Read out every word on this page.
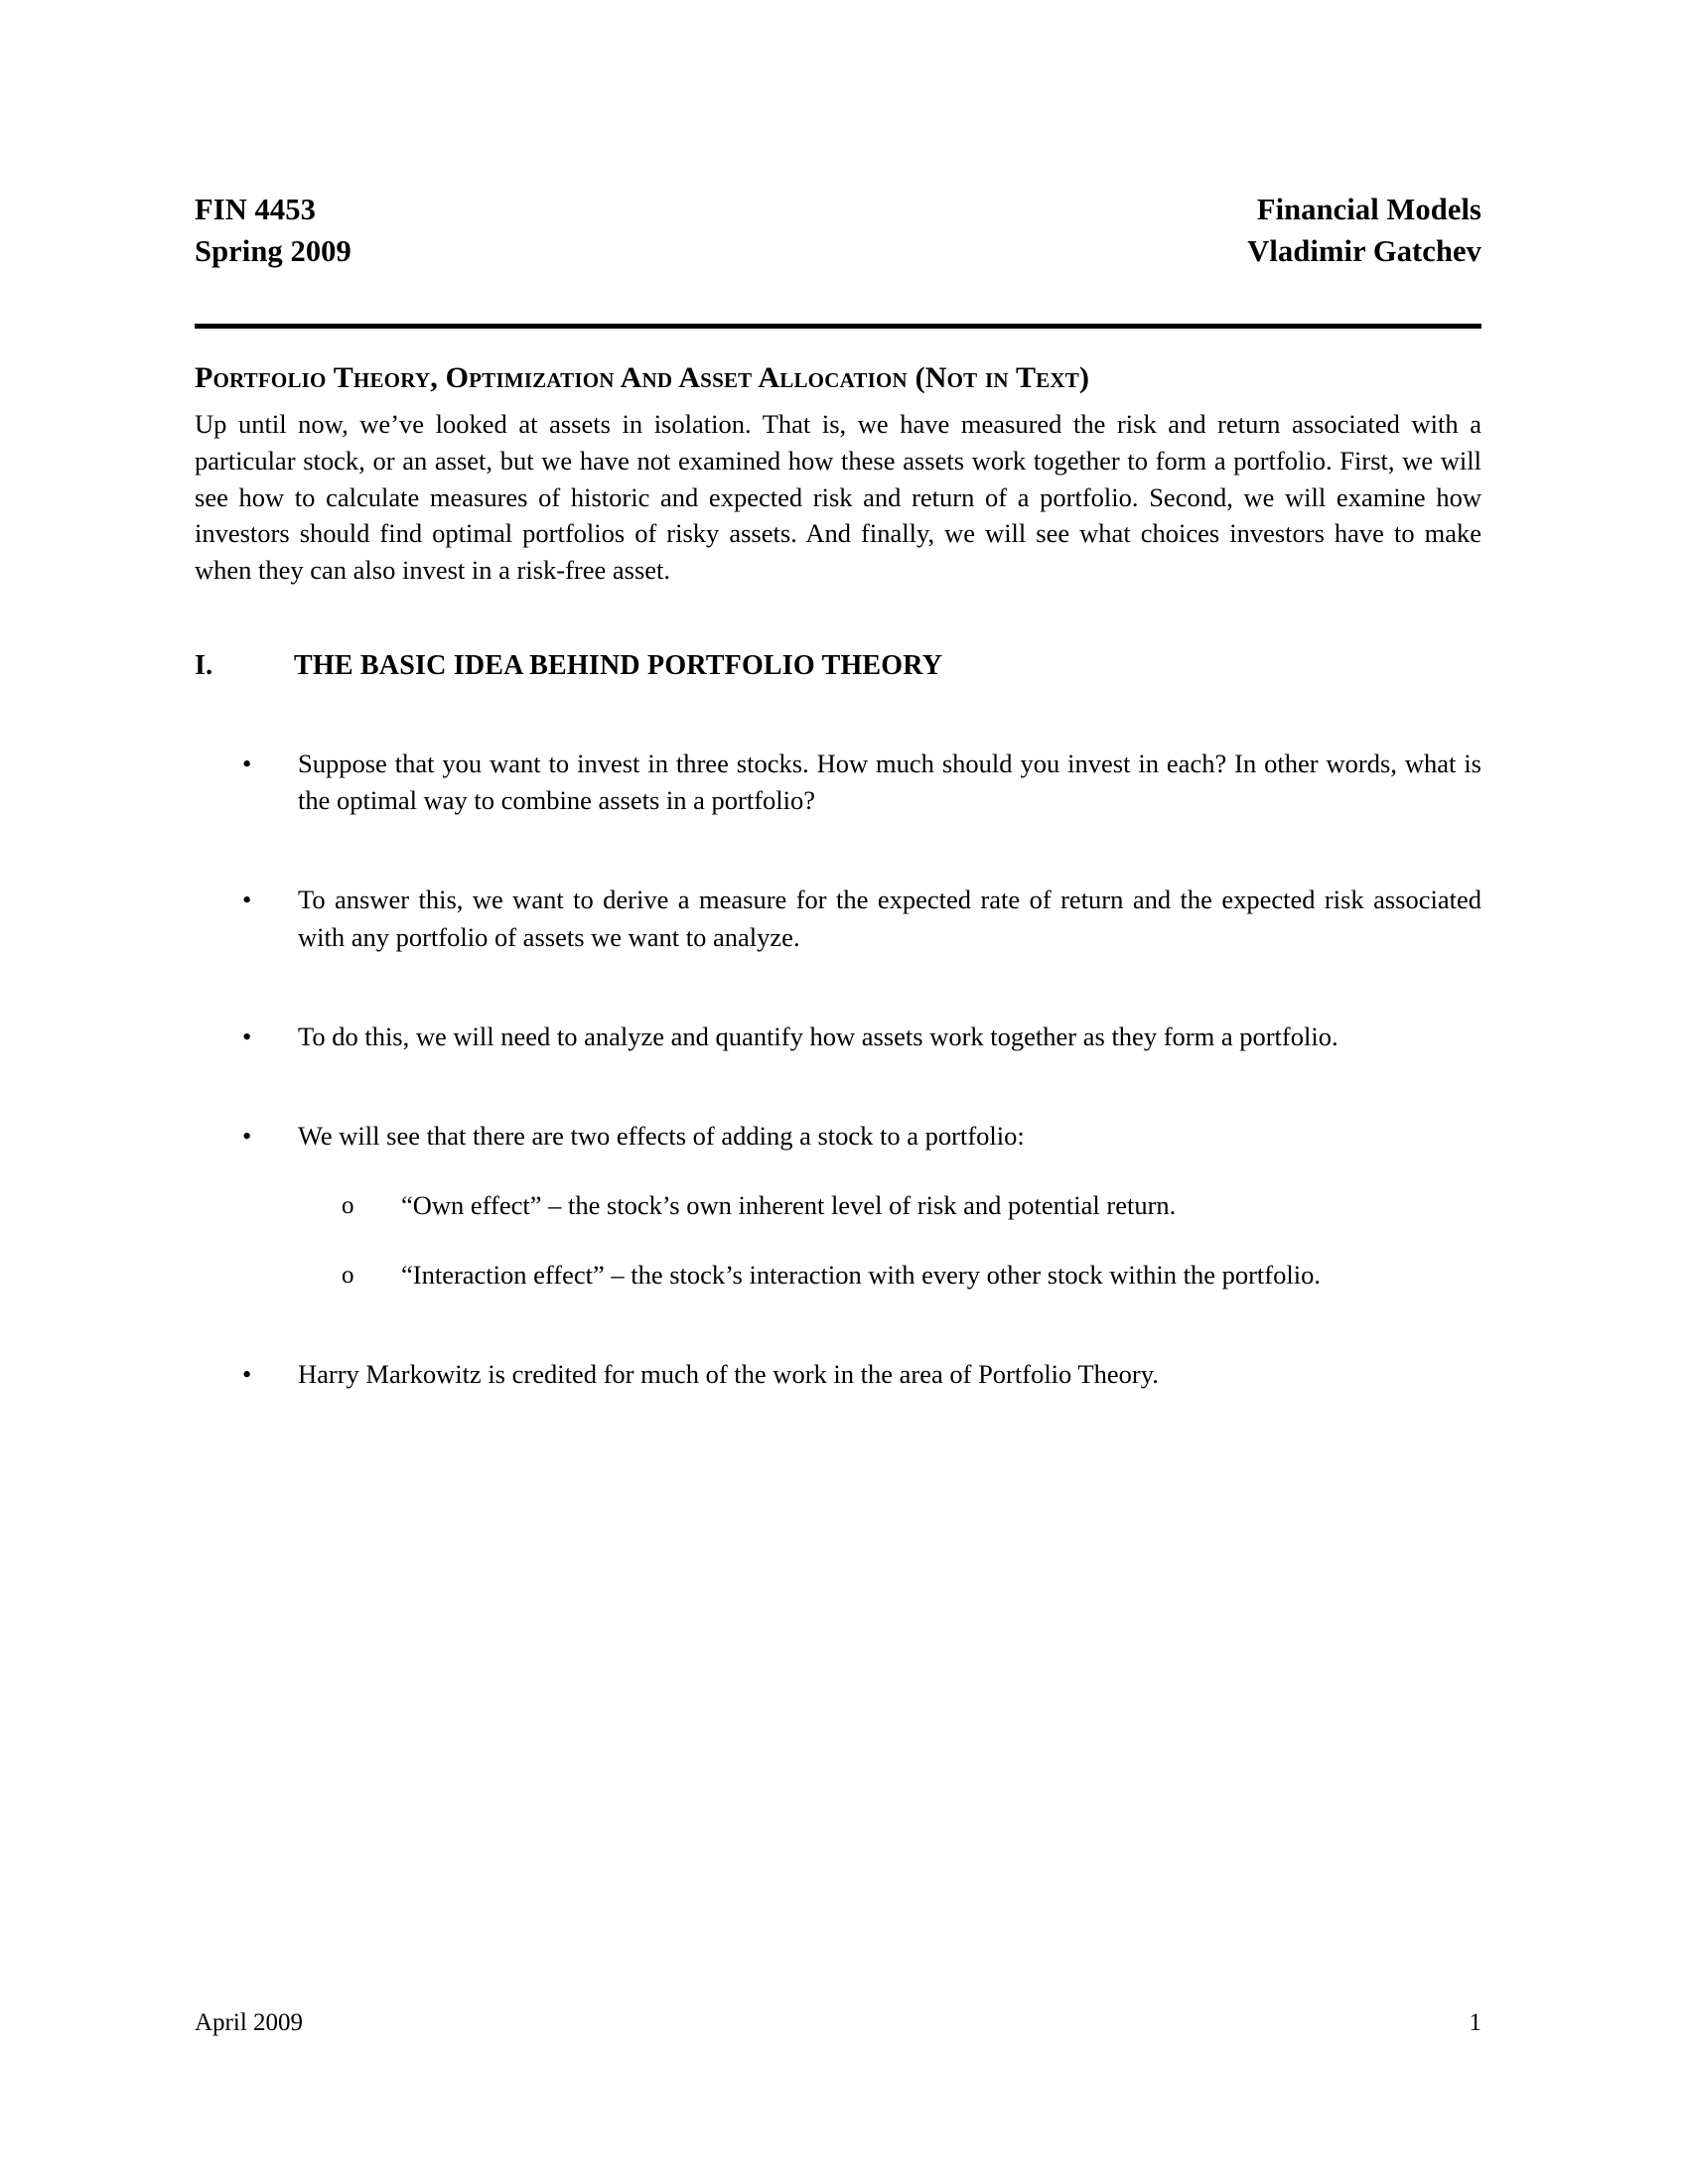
FIN 4453
Spring 2009
Financial Models
Vladimir Gatchev
Portfolio Theory, Optimization And Asset Allocation (Not in Text)

Up until now, we’ve looked at assets in isolation. That is, we have measured the risk and return associated with a particular stock, or an asset, but we have not examined how these assets work together to form a portfolio. First, we will see how to calculate measures of historic and expected risk and return of a portfolio. Second, we will examine how investors should find optimal portfolios of risky assets. And finally, we will see what choices investors have to make when they can also invest in a risk-free asset.

I.	THE BASIC IDEA BEHIND PORTFOLIO THEORY
• Suppose that you want to invest in three stocks. How much should you invest in each? In other words, what is the optimal way to combine assets in a portfolio?
• To answer this, we want to derive a measure for the expected rate of return and the expected risk associated with any portfolio of assets we want to analyze.
• To do this, we will need to analyze and quantify how assets work together as they form a portfolio.
• We will see that there are two effects of adding a stock to a portfolio:
o “Own effect” – the stock’s own inherent level of risk and potential return.
o “Interaction effect” – the stock’s interaction with every other stock within the portfolio.
• Harry Markowitz is credited for much of the work in the area of Portfolio Theory.
April 2009	1
